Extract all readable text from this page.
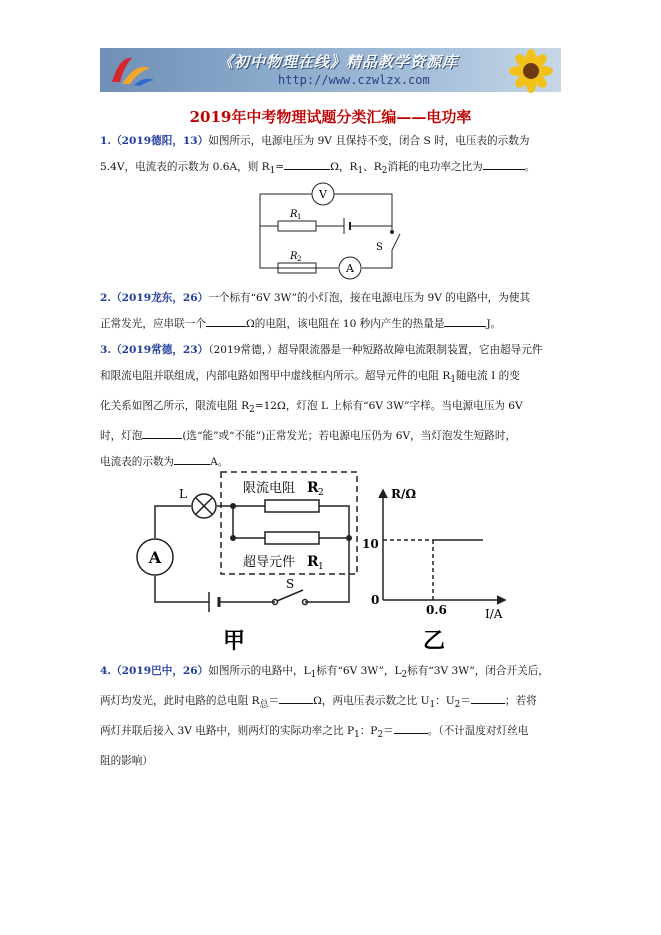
《初中物理在线》精品教学资源库
http://www.czwlzx.com
2019年中考物理试题分类汇编——电功率
1.（2019德阳，13）如图所示，电源电压为 9V 且保持不变，闭合 S 时，电压表的示数为
5.4V，电流表的示数为 0.6A，则 $R_1=$	Ω，$R_1$、$R_2$消耗的电功率之比为	。
V
A
R 1
R 2
S
2.（2019龙东，26）一个标有“6V 3W”的小灯泡，接在电源电压为 9V 的电路中，为使其
正常发光，应串联一个	Ω的电阻，该电阻在 10 秒内产生的热量是	J。
3.（2019常德，23）（2019常德，）超导限流器是一种短路故障电流限制装置，它由超导元件
和限流电阻并联组成，内部电路如图甲中虚线框内所示。超导元件的电阻 $R_1$随电流 I 的变
化关系如图乙所示，限流电阻 $R_2=12\Omega$，灯泡 L 上标有“6V 3W”字样。当电源电压为 6V
时，灯泡	(选“能”或“不能”)正常发光；若电源电压仍为 6V，当灯泡发生短路时，
电流表的示数为	A。
L	限流电阻 R 2
超导元件 R 1
A
S
甲
R/Ω
I/A
0
10
0.6
乙
4.（2019巴中，26）如图所示的电路中，$L_1$标有“6V 3W”，$L_2$标有“3V 3W”，闭合开关后，
两灯均发光，此时电路的总电阻 $R_总=$	Ω，两电压表示数之比 $U_1$：$U_2=$	；若将
两灯并联后接入 3V 电路中，则两灯的实际功率之比 $P_1$：$P_2=$	。（不计温度对灯丝电
阻的影响）
